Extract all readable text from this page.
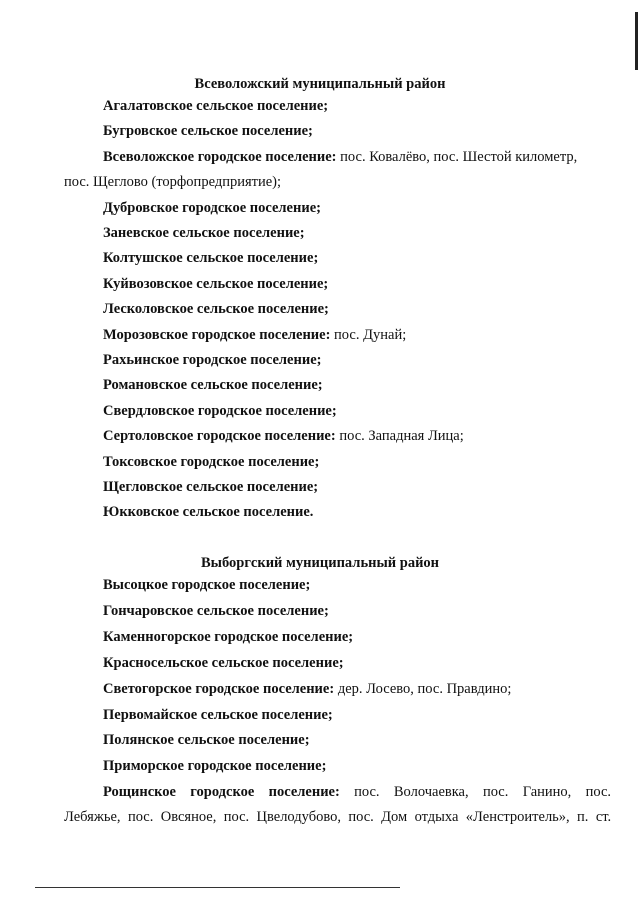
Всеволожский муниципальный район
Агалатовское сельское поселение;
Бугровское сельское поселение;
Всеволожское городское поселение: пос. Ковалёво, пос. Шестой километр,
пос. Щеглово (торфопредприятие);
Дубровское городское поселение;
Заневское сельское поселение;
Колтушское сельское поселение;
Куйвозовское сельское поселение;
Лесколовское сельское поселение;
Морозовское городское поселение: пос. Дунай;
Рахьинское городское поселение;
Романовское сельское поселение;
Свердловское городское поселение;
Сертоловское городское поселение: пос. Западная Лица;
Токсовское городское поселение;
Щегловское сельское поселение;
Юкковское сельское поселение.
Выборгский муниципальный район
Высоцкое городское поселение;
Гончаровское сельское поселение;
Каменногорское городское поселение;
Красносельское сельское поселение;
Светогорское городское поселение: дер. Лосево, пос. Правдино;
Первомайское сельское поселение;
Полянское сельское поселение;
Приморское городское поселение;
Рощинское городское поселение: пос. Волочаевка, пос. Ганино, пос.
Лебяжье, пос. Овсяное, пос. Цвелодубово, пос. Дом отдыха «Ленстроитель», п. ст.
